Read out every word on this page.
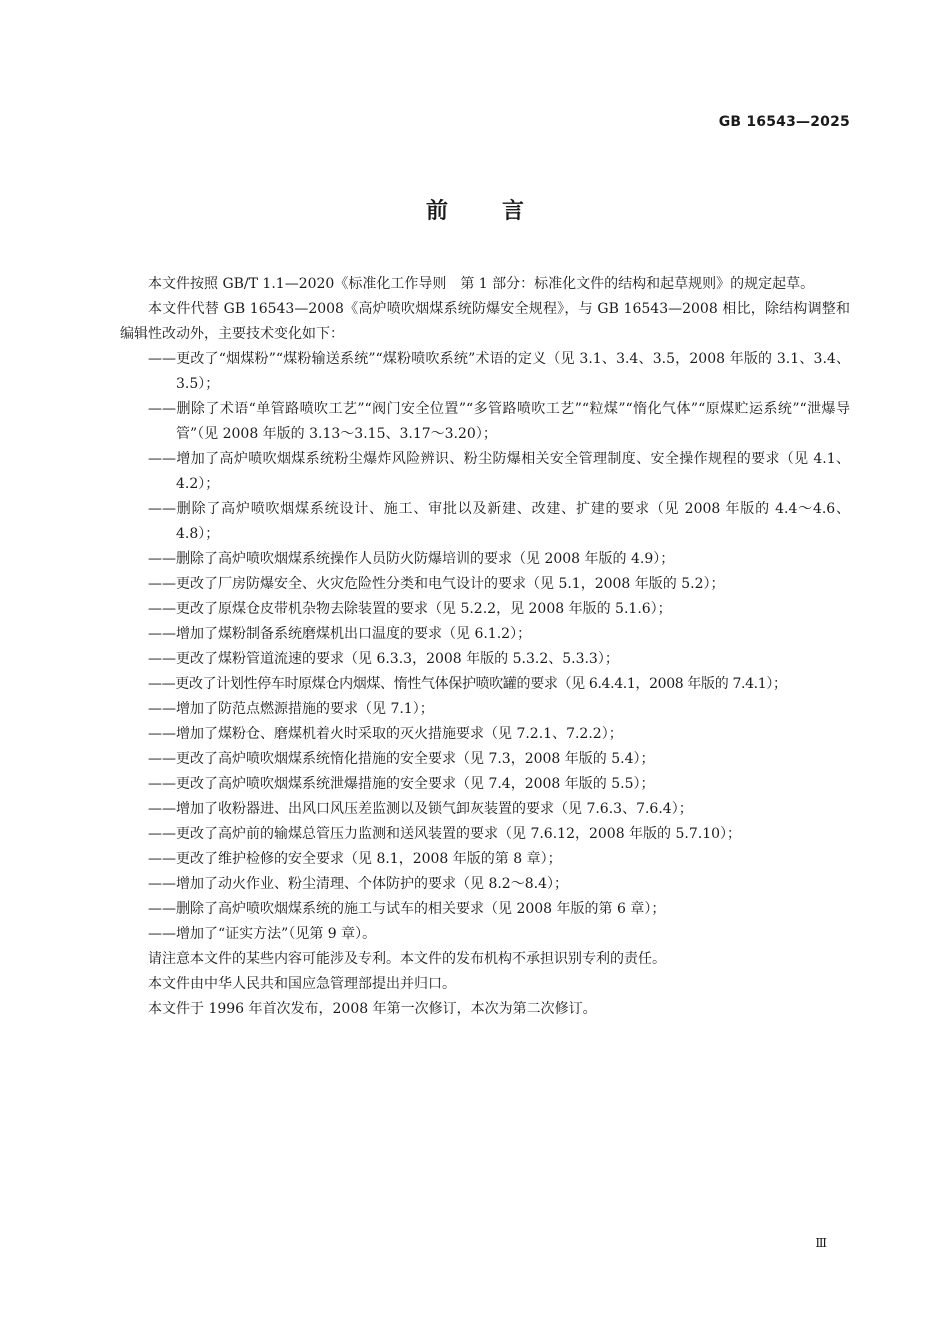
GB 16543—2025
前言

本文件按照 GB/T 1.1—2020《标准化工作导则　第 1 部分：标准化文件的结构和起草规则》的规定起草。

本文件代替 GB 16543—2008《高炉喷吹烟煤系统防爆安全规程》，与 GB 16543—2008 相比，除结构调整和编辑性改动外，主要技术变化如下：

——更改了“烟煤粉”“煤粉输送系统”“煤粉喷吹系统”术语的定义（见 3.1、3.4、3.5，2008 年版的 3.1、3.4、3.5）；

——删除了术语“单管路喷吹工艺”“阀门安全位置”“多管路喷吹工艺”“粒煤”“惰化气体”“原煤贮运系统”“泄爆导管”（见 2008 年版的 3.13～3.15、3.17～3.20）；

——增加了高炉喷吹烟煤系统粉尘爆炸风险辨识、粉尘防爆相关安全管理制度、安全操作规程的要求（见 4.1、4.2）；

——删除了高炉喷吹烟煤系统设计、施工、审批以及新建、改建、扩建的要求（见 2008 年版的 4.4～4.6、4.8）；

——删除了高炉喷吹烟煤系统操作人员防火防爆培训的要求（见 2008 年版的 4.9）；

——更改了厂房防爆安全、火灾危险性分类和电气设计的要求（见 5.1，2008 年版的 5.2）；

——更改了原煤仓皮带机杂物去除装置的要求（见 5.2.2，见 2008 年版的 5.1.6）；

——增加了煤粉制备系统磨煤机出口温度的要求（见 6.1.2）；

——更改了煤粉管道流速的要求（见 6.3.3，2008 年版的 5.3.2、5.3.3）；

——更改了计划性停车时原煤仓内烟煤、惰性气体保护喷吹罐的要求（见 6.4.4.1，2008 年版的 7.4.1）；

——增加了防范点燃源措施的要求（见 7.1）；

——增加了煤粉仓、磨煤机着火时采取的灭火措施要求（见 7.2.1、7.2.2）；

——更改了高炉喷吹烟煤系统惰化措施的安全要求（见 7.3，2008 年版的 5.4）；

——更改了高炉喷吹烟煤系统泄爆措施的安全要求（见 7.4，2008 年版的 5.5）；

——增加了收粉器进、出风口风压差监测以及锁气卸灰装置的要求（见 7.6.3、7.6.4）；

——更改了高炉前的输煤总管压力监测和送风装置的要求（见 7.6.12，2008 年版的 5.7.10）；

——更改了维护检修的安全要求（见 8.1，2008 年版的第 8 章）；

——增加了动火作业、粉尘清理、个体防护的要求（见 8.2～8.4）；

——删除了高炉喷吹烟煤系统的施工与试车的相关要求（见 2008 年版的第 6 章）；

——增加了“证实方法”（见第 9 章）。

请注意本文件的某些内容可能涉及专利。本文件的发布机构不承担识别专利的责任。

本文件由中华人民共和国应急管理部提出并归口。

本文件于 1996 年首次发布，2008 年第一次修订，本次为第二次修订。

Ⅲ
